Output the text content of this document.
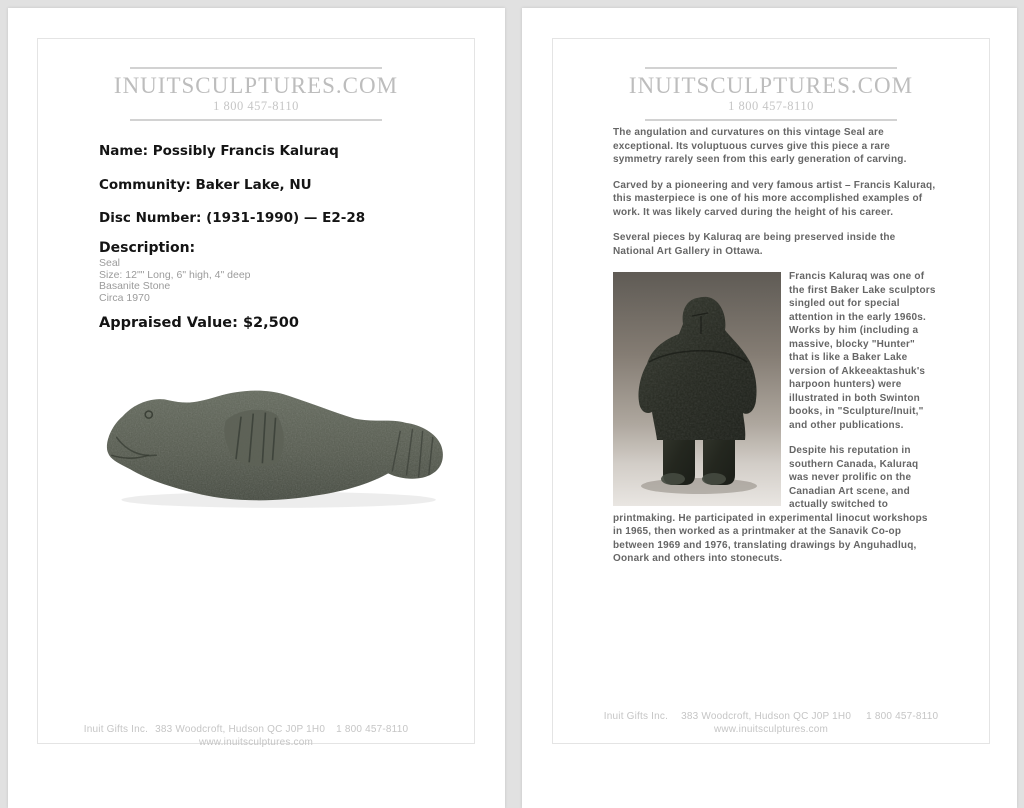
INUITSCULPTURES.COM
1 800 457-8110
Name: Possibly Francis Kaluraq
Community: Baker Lake, NU
Disc Number: (1931-1990) — E2-28
Description:
Seal
Size: 12"" Long, 6" high, 4" deep
Basanite Stone
Circa 1970
Appraised Value: $2,500
Inuit Gifts Inc. 383 Woodcroft, Hudson QC J0P 1H0 1 800 457-8110 www.inuitsculptures.com
INUITSCULPTURES.COM
1 800 457-8110

The angulation and curvatures on this vintage Seal are exceptional. Its voluptuous curves give this piece a rare symmetry rarely seen from this early generation of carving.

Carved by a pioneering and very famous artist – Francis Kaluraq, this masterpiece is one of his more accomplished examples of work. It was likely carved during the height of his career.

Several pieces by Kaluraq are being preserved inside the National Art Gallery in Ottawa.

Francis Kaluraq was one of the first Baker Lake sculptors singled out for special attention in the early 1960s. Works by him (including a massive, blocky "Hunter" that is like a Baker Lake version of Akkeeaktashuk's harpoon hunters) were illustrated in both Swinton books, in "Sculpture/Inuit," and other publications.

Despite his reputation in southern Canada, Kaluraq was never prolific on the Canadian Art scene, and actually switched to printmaking. He participated in experimental linocut workshops in 1965, then worked as a printmaker at the Sanavik Co-op between 1969 and 1976, translating drawings by Anguhadluq, Oonark and others into stonecuts.

Inuit Gifts Inc. 383 Woodcroft, Hudson QC J0P 1H0 1 800 457-8110
www.inuitsculptures.com
